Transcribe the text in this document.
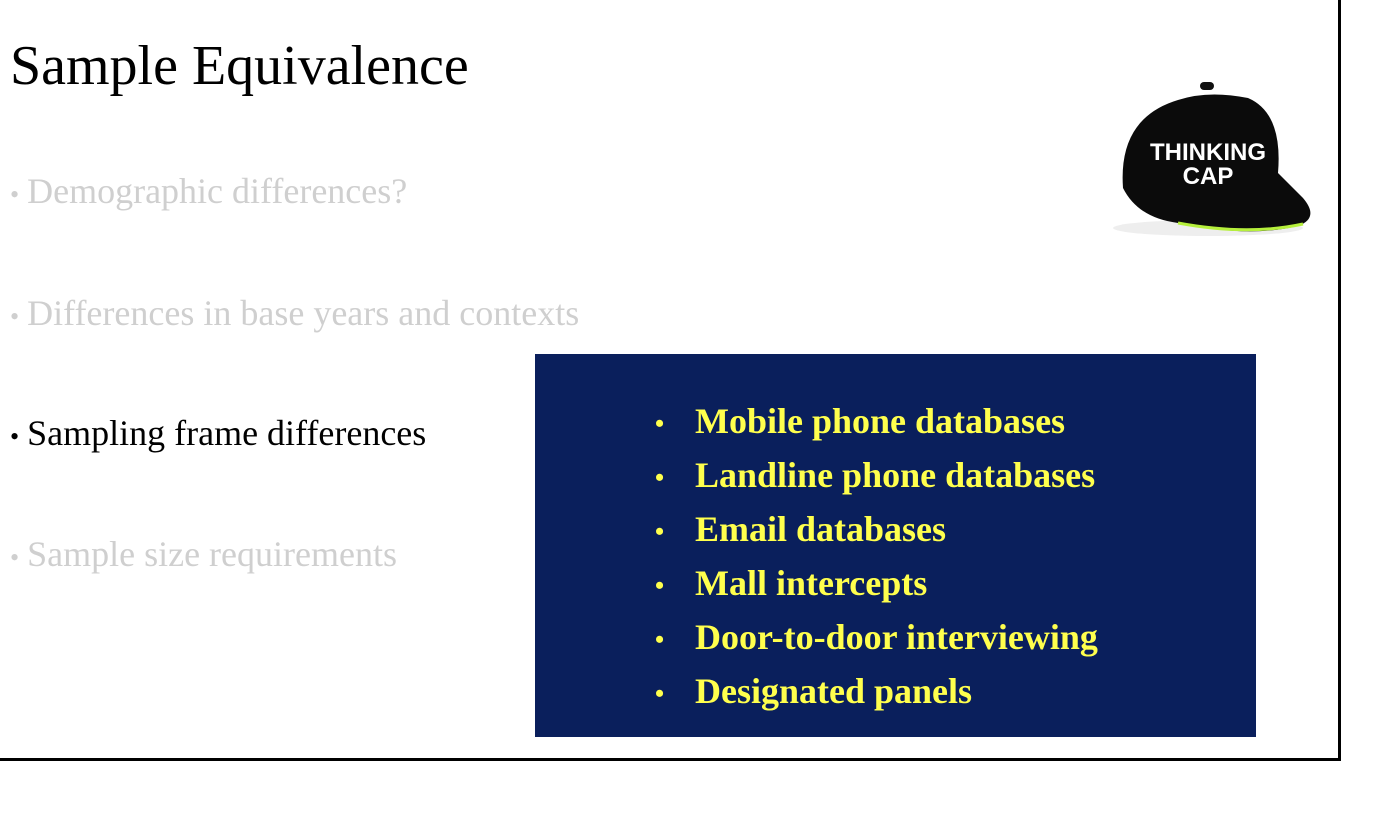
Sample Equivalence
• Demographic differences?
• Differences in base years and contexts
• Sampling frame differences
• Sample size requirements
• Mobile phone databases
• Landline phone databases
• Email databases
• Mall intercepts
• Door-to-door interviewing
• Designated panels
THINKING
CAP
